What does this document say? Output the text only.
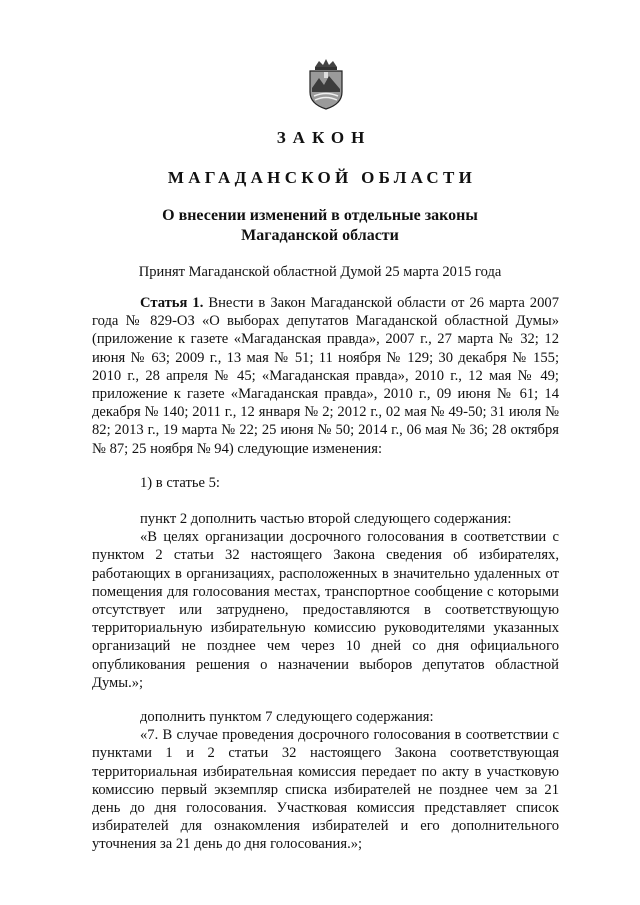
ЗАКОН
МАГАДАНСКОЙ ОБЛАСТИ
О внесении изменений в отдельные законы
Магаданской области
Принят Магаданской областной Думой 25 марта 2015 года

Статья 1. Внести в Закон Магаданской области от 26 марта 2007 года № 829-ОЗ «О выборах депутатов Магаданской областной Думы» (приложение к газете «Магаданская правда», 2007 г., 27 марта № 32; 12 июня № 63; 2009 г., 13 мая № 51; 11 ноября № 129; 30 декабря № 155; 2010 г., 28 апреля № 45; «Магаданская правда», 2010 г., 12 мая № 49; приложение к газете «Магаданская правда», 2010 г., 09 июня № 61; 14 декабря № 140; 2011 г., 12 января № 2; 2012 г., 02 мая № 49-50; 31 июля № 82; 2013 г., 19 марта № 22; 25 июня № 50; 2014 г., 06 мая № 36; 28 октября № 87; 25 ноября № 94) следующие изменения:

1) в статье 5:

пункт 2 дополнить частью второй следующего содержания:

«В целях организации досрочного голосования в соответствии с пунктом 2 статьи 32 настоящего Закона сведения об избирателях, работающих в организациях, расположенных в значительно удаленных от помещения для голосования местах, транспортное сообщение с которыми отсутствует или затруднено, предоставляются в соответствующую территориальную избирательную комиссию руководителями указанных организаций не позднее чем через 10 дней со дня официального опубликования решения о назначении выборов депутатов областной Думы.»;

дополнить пунктом 7 следующего содержания:

«7. В случае проведения досрочного голосования в соответствии с пунктами 1 и 2 статьи 32 настоящего Закона соответствующая территориальная избирательная комиссия передает по акту в участковую комиссию первый экземпляр списка избирателей не позднее чем за 21 день до дня голосования. Участковая комиссия представляет список избирателей для ознакомления избирателей и его дополнительного уточнения за 21 день до дня голосования.»;
